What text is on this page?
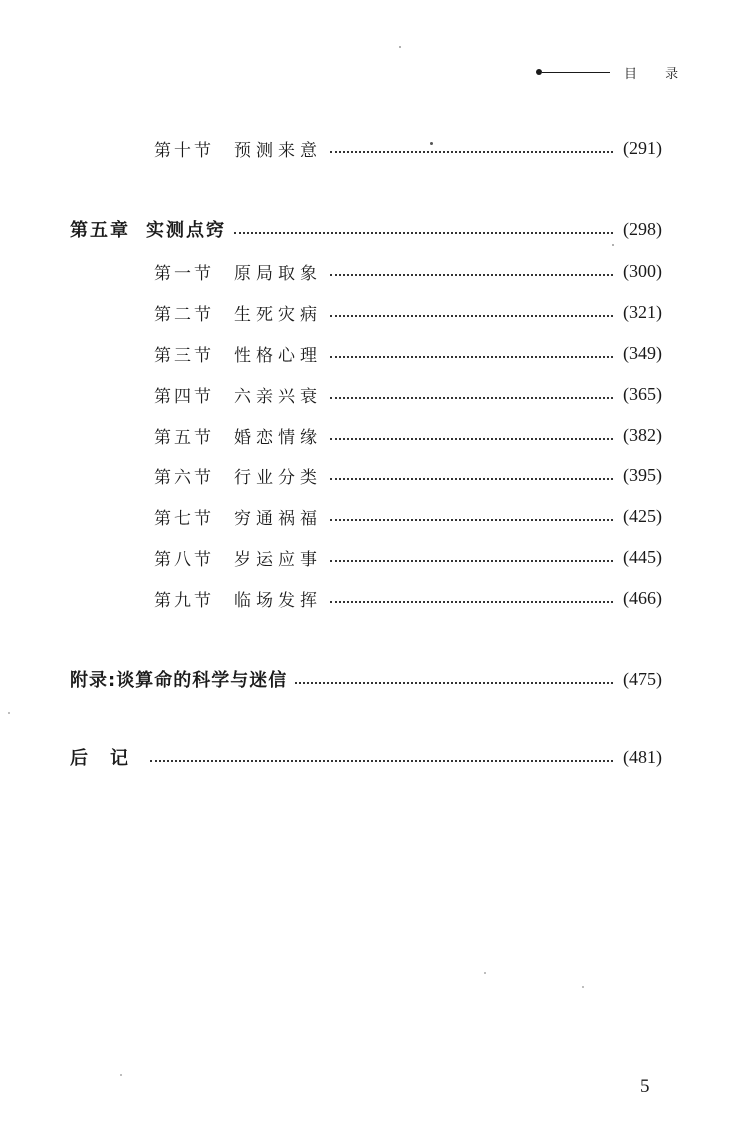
目 录
第十节 预测来意	(291)
第五章 实测点窍	(298)
第一节 原局取象	(300)
第二节 生死灾病	(321)
第三节 性格心理	(349)
第四节 六亲兴衰	(365)
第五节 婚恋情缘	(382)
第六节 行业分类	(395)
第七节 穷通祸福	(425)
第八节 岁运应事	(445)
第九节 临场发挥	(466)
附录:谈算命的科学与迷信	(475)
后记	(481)
5
